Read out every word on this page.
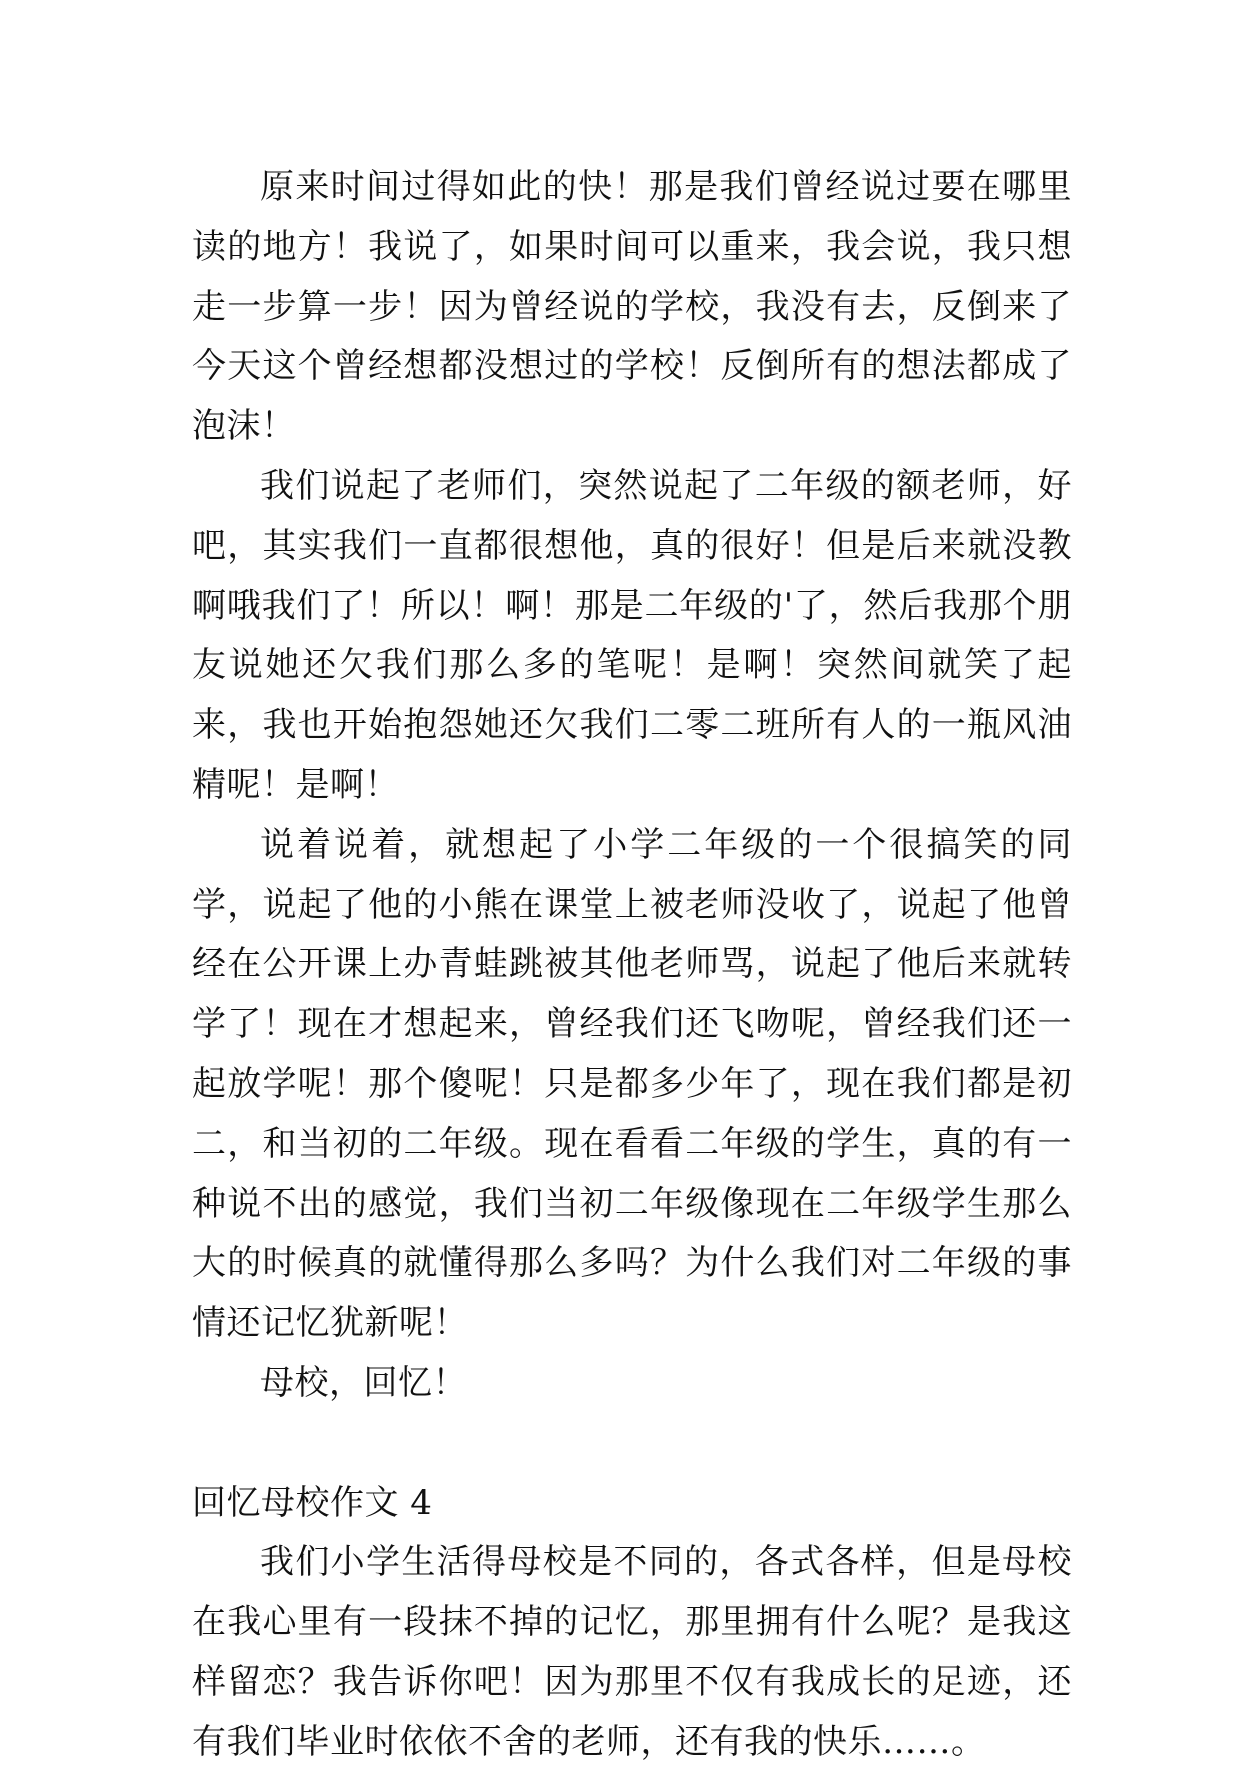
原来时间过得如此的快！那是我们曾经说过要在哪里读的地方！我说了，如果时间可以重来，我会说，我只想走一步算一步！因为曾经说的学校，我没有去，反倒来了今天这个曾经想都没想过的学校！反倒所有的想法都成了泡沫！

我们说起了老师们，突然说起了二年级的额老师，好吧，其实我们一直都很想他，真的很好！但是后来就没教啊哦我们了！所以！啊！那是二年级的'了，然后我那个朋友说她还欠我们那么多的笔呢！是啊！突然间就笑了起来，我也开始抱怨她还欠我们二零二班所有人的一瓶风油精呢！是啊！

说着说着，就想起了小学二年级的一个很搞笑的同学，说起了他的小熊在课堂上被老师没收了，说起了他曾经在公开课上办青蛙跳被其他老师骂，说起了他后来就转学了！现在才想起来，曾经我们还飞吻呢，曾经我们还一起放学呢！那个傻呢！只是都多少年了，现在我们都是初二，和当初的二年级。现在看看二年级的学生，真的有一种说不出的感觉，我们当初二年级像现在二年级学生那么大的时候真的就懂得那么多吗？为什么我们对二年级的事情还记忆犹新呢！

母校，回忆！

回忆母校作文 4

我们小学生活得母校是不同的，各式各样，但是母校在我心里有一段抹不掉的记忆，那里拥有什么呢？是我这样留恋？我告诉你吧！因为那里不仅有我成长的足迹，还有我们毕业时依依不舍的老师，还有我的快乐……。
